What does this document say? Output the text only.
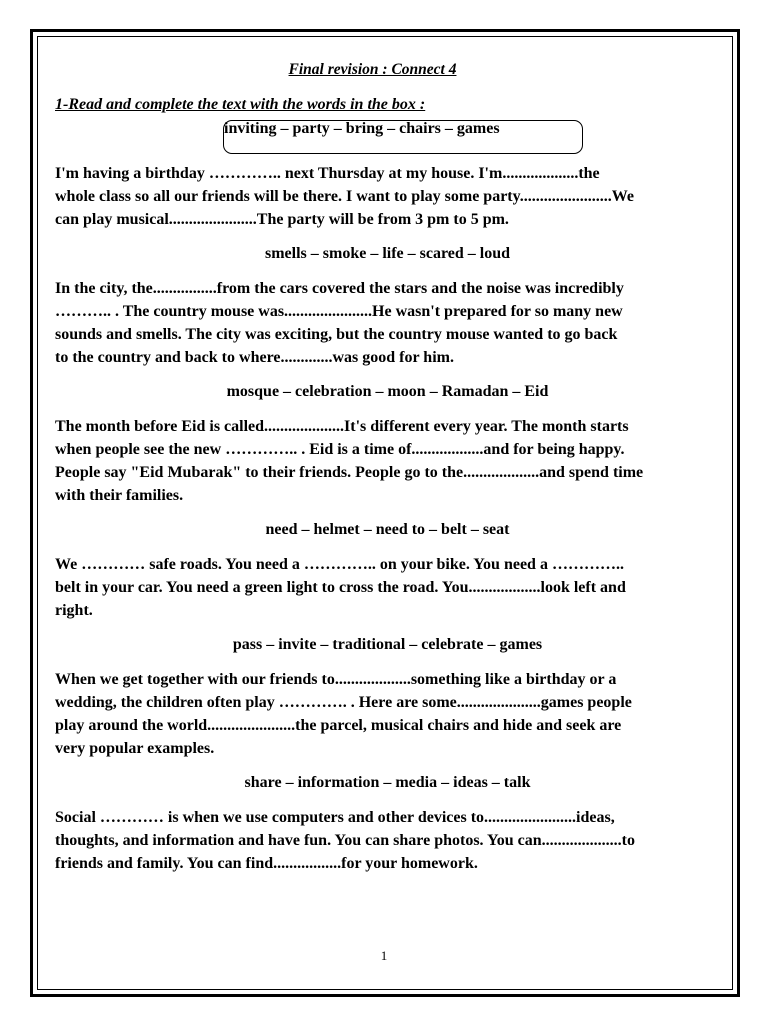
Final revision : Connect 4
1-Read and complete the text with the words in the box :
inviting – party – bring – chairs – games

I'm having a birthday ………….. next Thursday at my house. I'm...................the

whole class so all our friends will be there. I want to play some party.......................We

can play musical......................The party will be from 3 pm to 5 pm.

smells – smoke – life – scared – loud

In the city, the................from the cars covered the stars and the noise was incredibly

……….. . The country mouse was......................He wasn't prepared for so many new

sounds and smells. The city was exciting, but the country mouse wanted to go back

to the country and back to where.............was good for him.

mosque – celebration – moon – Ramadan – Eid

The month before Eid is called....................It's different every year. The month starts

when people see the new ………….. . Eid is a time of..................and for being happy.

People say "Eid Mubarak" to their friends. People go to the...................and spend time

with their families.

need – helmet – need to – belt – seat

We ………… safe roads. You need a ………….. on your bike. You need a …………..

belt in your car. You need a green light to cross the road. You..................look left and

right.

pass – invite – traditional – celebrate – games

When we get together with our friends to...................something like a birthday or a

wedding, the children often play …………. . Here are some.....................games people

play around the world......................the parcel, musical chairs and hide and seek are

very popular examples.

share – information – media – ideas – talk

Social ………… is when we use computers and other devices to.......................ideas,

thoughts, and information and have fun. You can share photos. You can....................to

friends and family. You can find.................for your homework.

1
